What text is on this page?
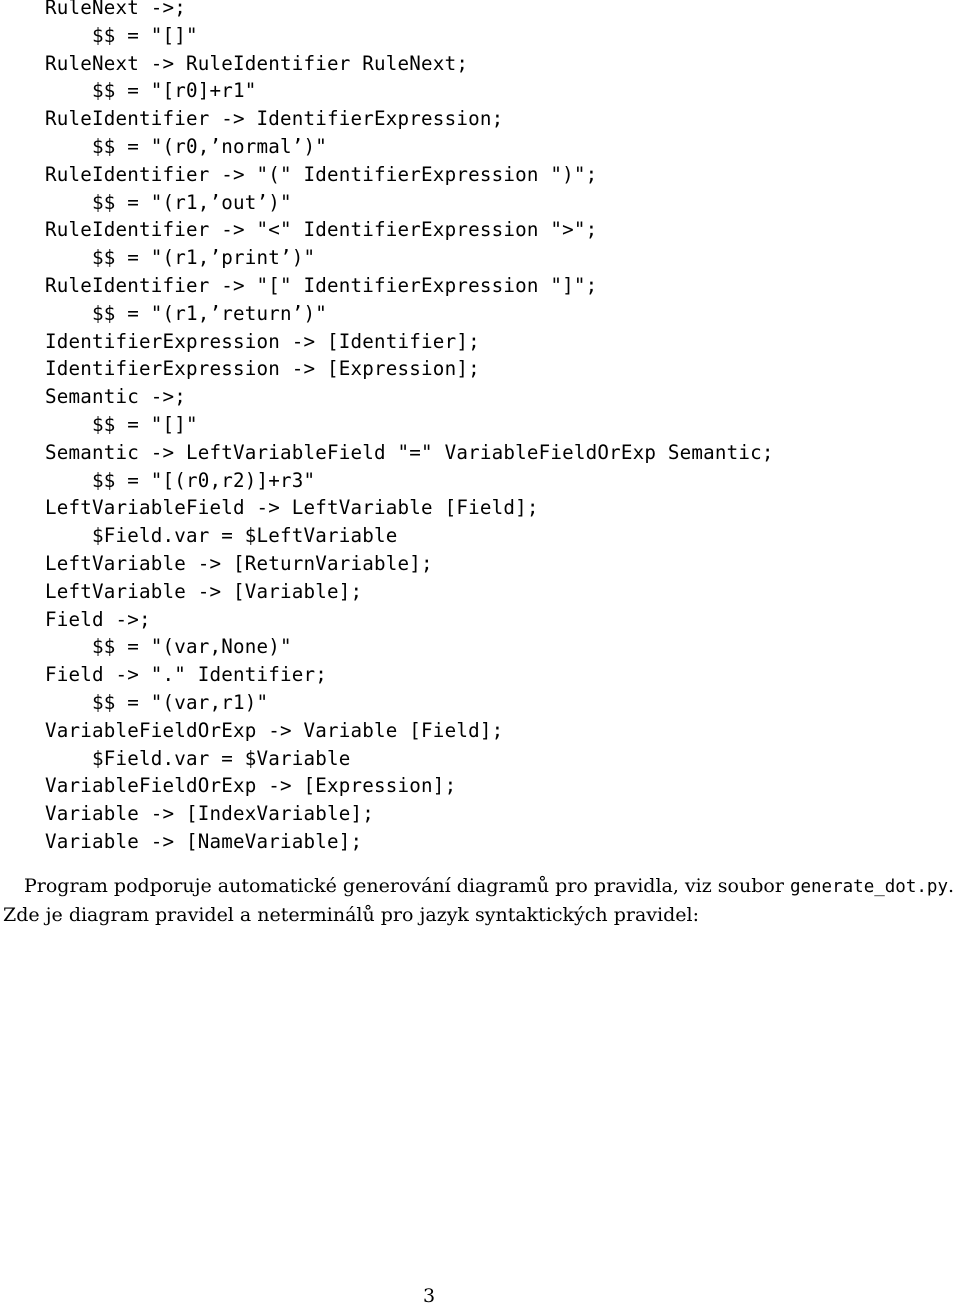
RuleNext ->;
$$ = "[]"
RuleNext -> RuleIdentifier RuleNext;
$$ = "[r0]+r1"
RuleIdentifier -> IdentifierExpression;
$$ = "(r0,’normal’)"
RuleIdentifier -> "(" IdentifierExpression ")";
$$ = "(r1,’out’)"
RuleIdentifier -> "<" IdentifierExpression ">";
$$ = "(r1,’print’)"
RuleIdentifier -> "[" IdentifierExpression "]";
$$ = "(r1,’return’)"
IdentifierExpression -> [Identifier];
IdentifierExpression -> [Expression];
Semantic ->;
$$ = "[]"
Semantic -> LeftVariableField "=" VariableFieldOrExp Semantic;
$$ = "[(r0,r2)]+r3"
LeftVariableField -> LeftVariable [Field];
$Field.var = $LeftVariable
LeftVariable -> [ReturnVariable];
LeftVariable -> [Variable];
Field ->;
$$ = "(var,None)"
Field -> "." Identifier;
$$ = "(var,r1)"
VariableFieldOrExp -> Variable [Field];
$Field.var = $Variable
VariableFieldOrExp -> [Expression];
Variable -> [IndexVariable];
Variable -> [NameVariable];

Program podporuje automatické generování diagramů pro pravidla, viz soubor generate_dot.py.

Zde je diagram pravidel a neterminálů pro jazyk syntaktických pravidel:

3
